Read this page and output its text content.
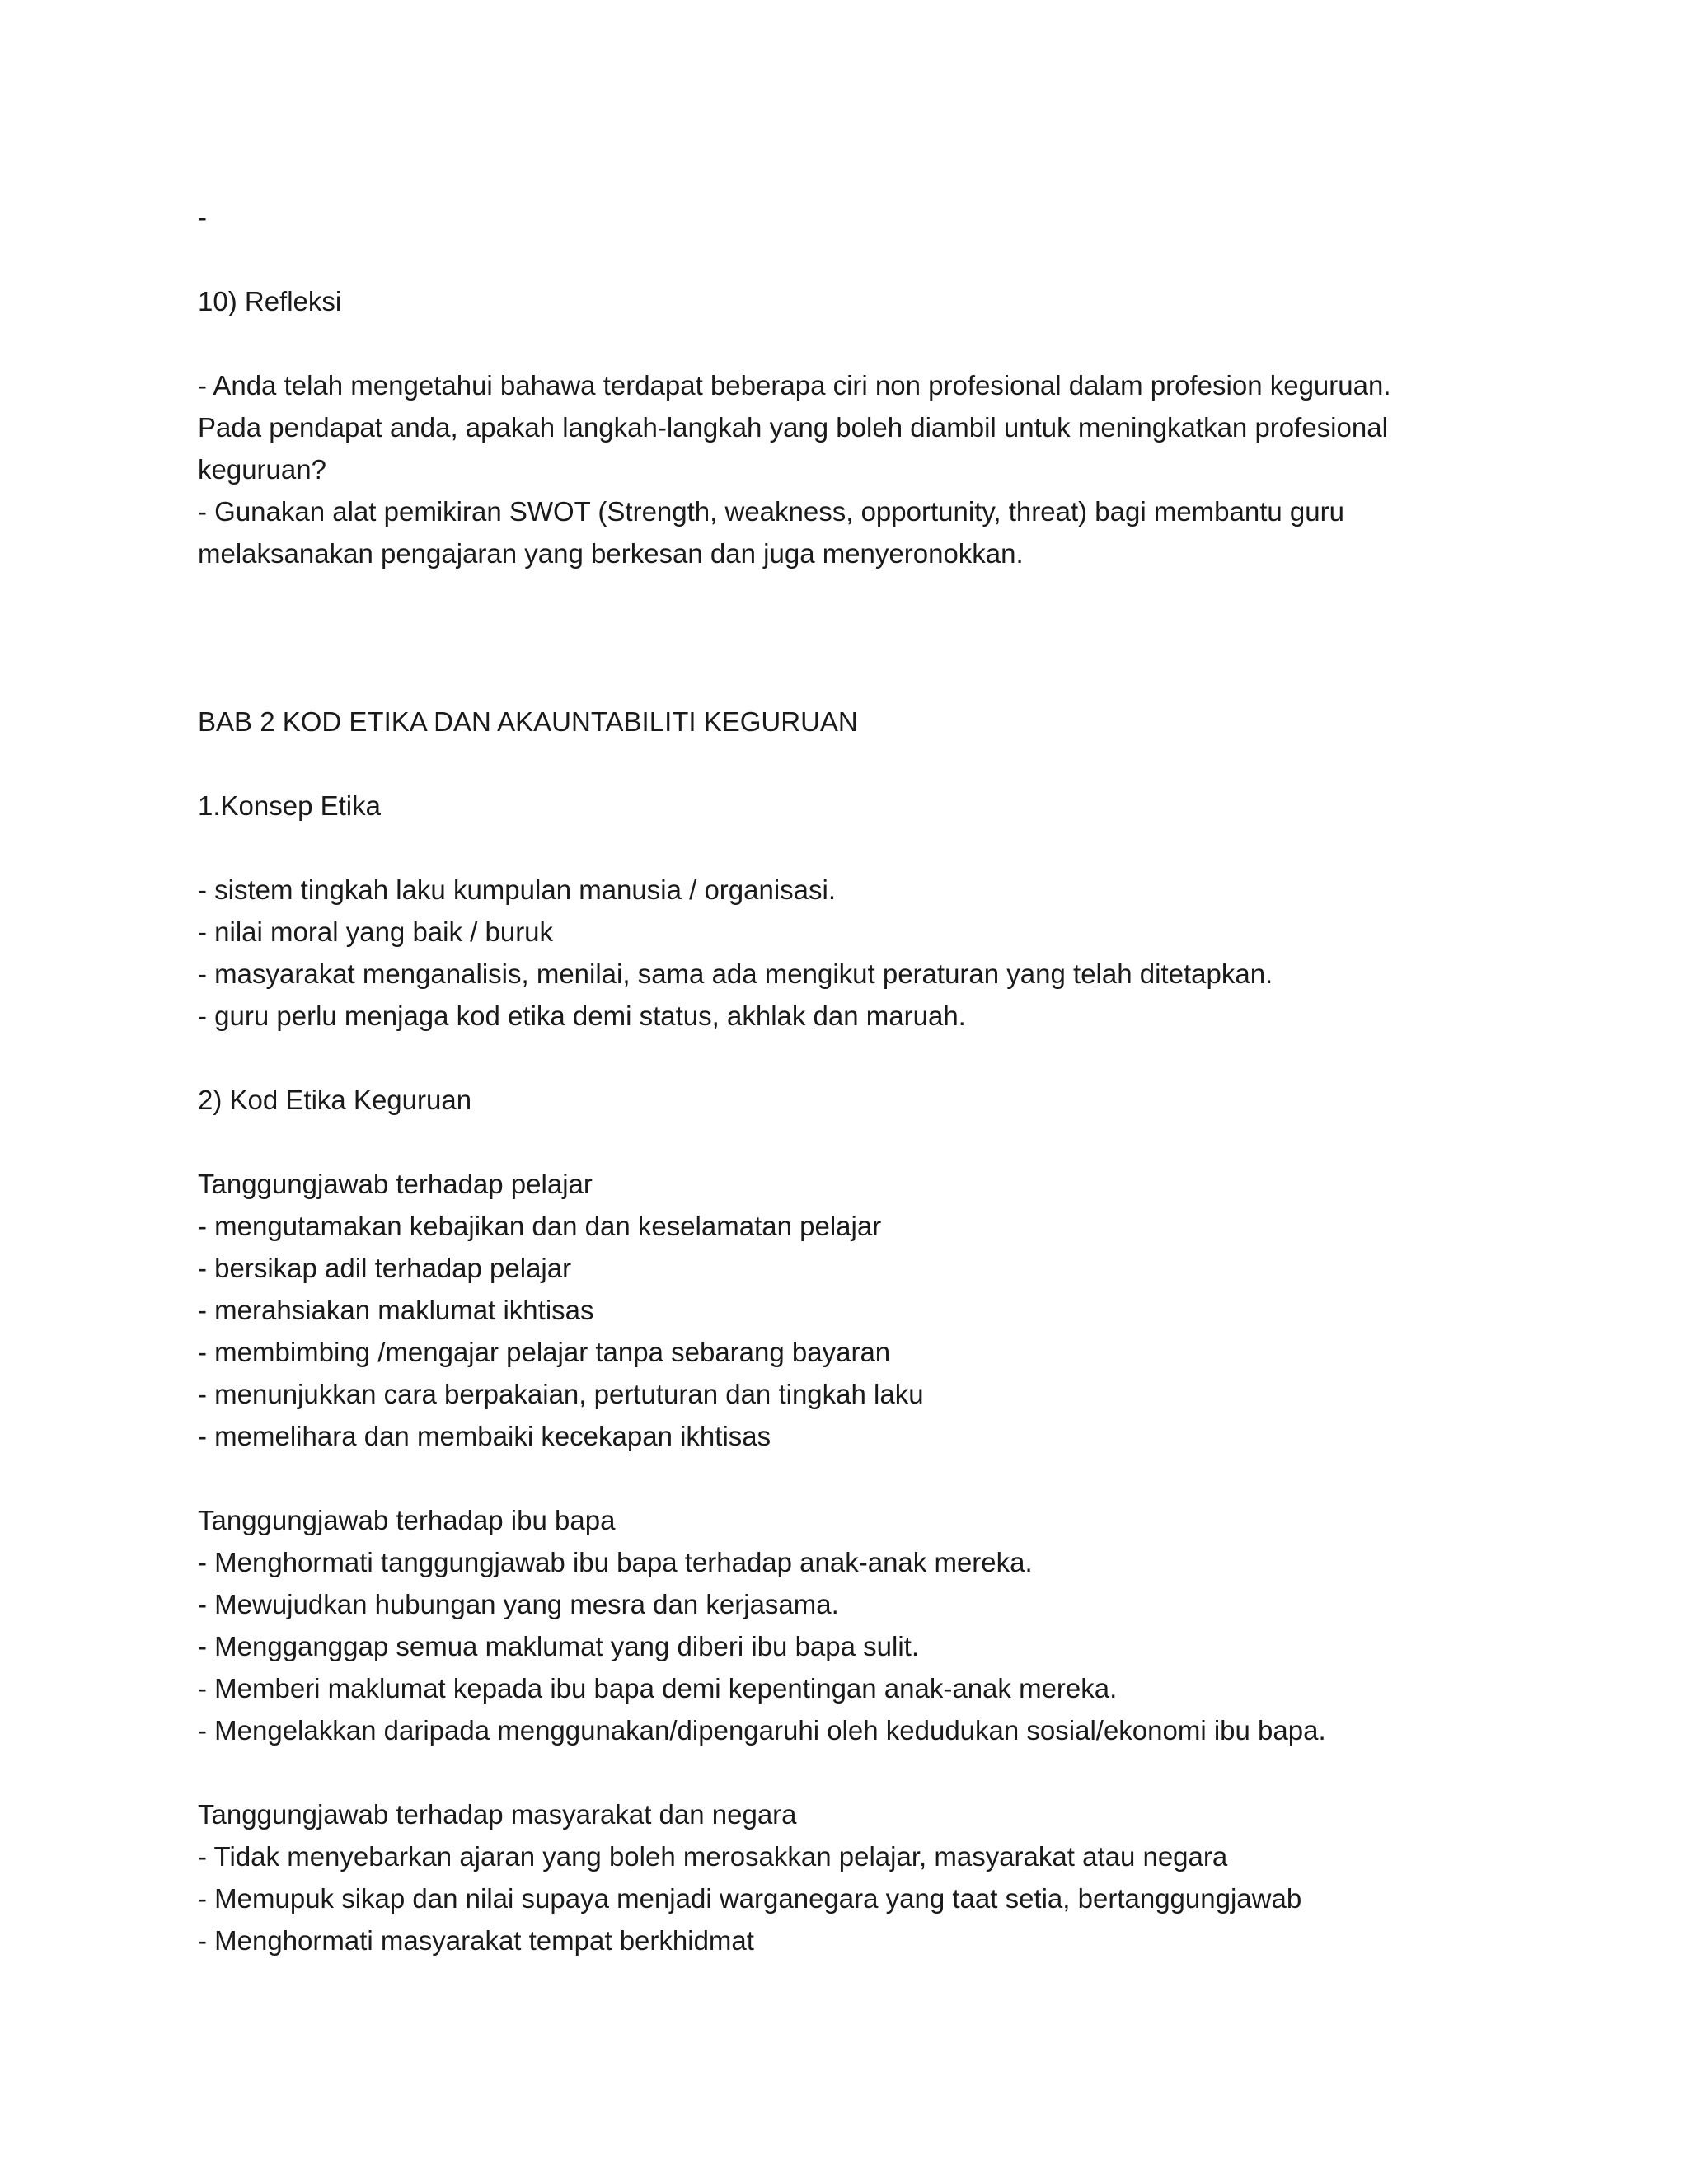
-
10) Refleksi
- Anda telah mengetahui bahawa terdapat beberapa ciri non profesional dalam profesion keguruan.
Pada pendapat anda, apakah langkah-langkah yang boleh diambil untuk meningkatkan profesional
keguruan?
- Gunakan alat pemikiran SWOT (Strength, weakness, opportunity, threat) bagi membantu guru
melaksanakan pengajaran yang berkesan dan juga menyeronokkan.
BAB 2 KOD ETIKA DAN AKAUNTABILITI KEGURUAN
1.Konsep Etika
- sistem tingkah laku kumpulan manusia / organisasi.
- nilai moral yang baik / buruk
- masyarakat menganalisis, menilai, sama ada mengikut peraturan yang telah ditetapkan.
- guru perlu menjaga kod etika demi status, akhlak dan maruah.
2) Kod Etika Keguruan
Tanggungjawab terhadap pelajar
- mengutamakan kebajikan dan dan keselamatan pelajar
- bersikap adil terhadap pelajar
- merahsiakan maklumat ikhtisas
- membimbing /mengajar pelajar tanpa sebarang bayaran
- menunjukkan cara berpakaian, pertuturan dan tingkah laku
- memelihara dan membaiki kecekapan ikhtisas
Tanggungjawab terhadap ibu bapa
- Menghormati tanggungjawab ibu bapa terhadap anak-anak mereka.
- Mewujudkan hubungan yang mesra dan kerjasama.
- Mengganggap semua maklumat yang diberi ibu bapa sulit.
- Memberi maklumat kepada ibu bapa demi kepentingan anak-anak mereka.
- Mengelakkan daripada menggunakan/dipengaruhi oleh kedudukan sosial/ekonomi ibu bapa.
Tanggungjawab terhadap masyarakat dan negara
- Tidak menyebarkan ajaran yang boleh merosakkan pelajar, masyarakat atau negara
- Memupuk sikap dan nilai supaya menjadi warganegara yang taat setia, bertanggungjawab
- Menghormati masyarakat tempat berkhidmat
